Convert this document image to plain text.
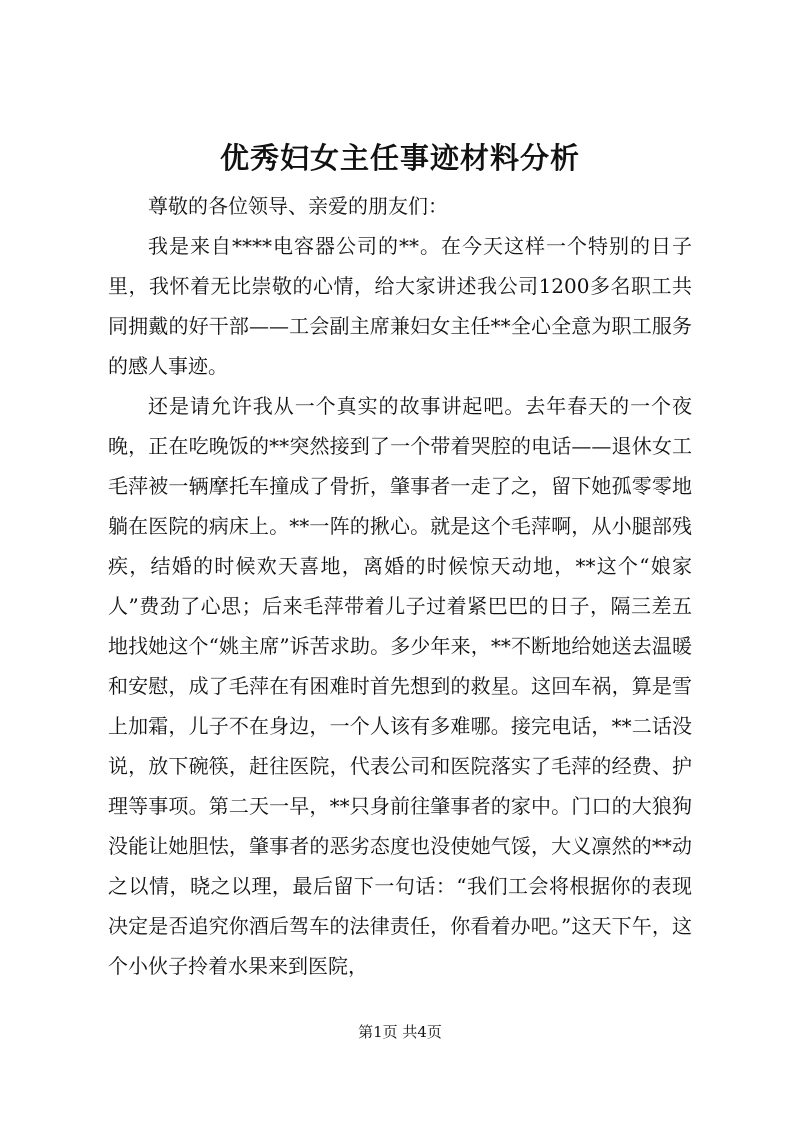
优秀妇女主任事迹材料分析

尊敬的各位领导、亲爱的朋友们：

我是来自****电容器公司的**。在今天这样一个特别的日子里，我怀着无比崇敬的心情，给大家讲述我公司1200多名职工共同拥戴的好干部——工会副主席兼妇女主任**全心全意为职工服务的感人事迹。

还是请允许我从一个真实的故事讲起吧。去年春天的一个夜晚，正在吃晚饭的**突然接到了一个带着哭腔的电话——退休女工毛萍被一辆摩托车撞成了骨折，肇事者一走了之，留下她孤零零地躺在医院的病床上。**一阵的揪心。就是这个毛萍啊，从小腿部残疾，结婚的时候欢天喜地，离婚的时候惊天动地，**这个“娘家人”费劲了心思；后来毛萍带着儿子过着紧巴巴的日子，隔三差五地找她这个“姚主席”诉苦求助。多少年来，**不断地给她送去温暖和安慰，成了毛萍在有困难时首先想到的救星。这回车祸，算是雪上加霜，儿子不在身边，一个人该有多难哪。接完电话，**二话没说，放下碗筷，赶往医院，代表公司和医院落实了毛萍的经费、护理等事项。第二天一早，**只身前往肇事者的家中。门口的大狼狗没能让她胆怯，肇事者的恶劣态度也没使她气馁，大义凛然的**动之以情，晓之以理，最后留下一句话：“我们工会将根据你的表现决定是否追究你酒后驾车的法律责任，你看着办吧。”这天下午，这个小伙子拎着水果来到医院，

第1页 共4页
